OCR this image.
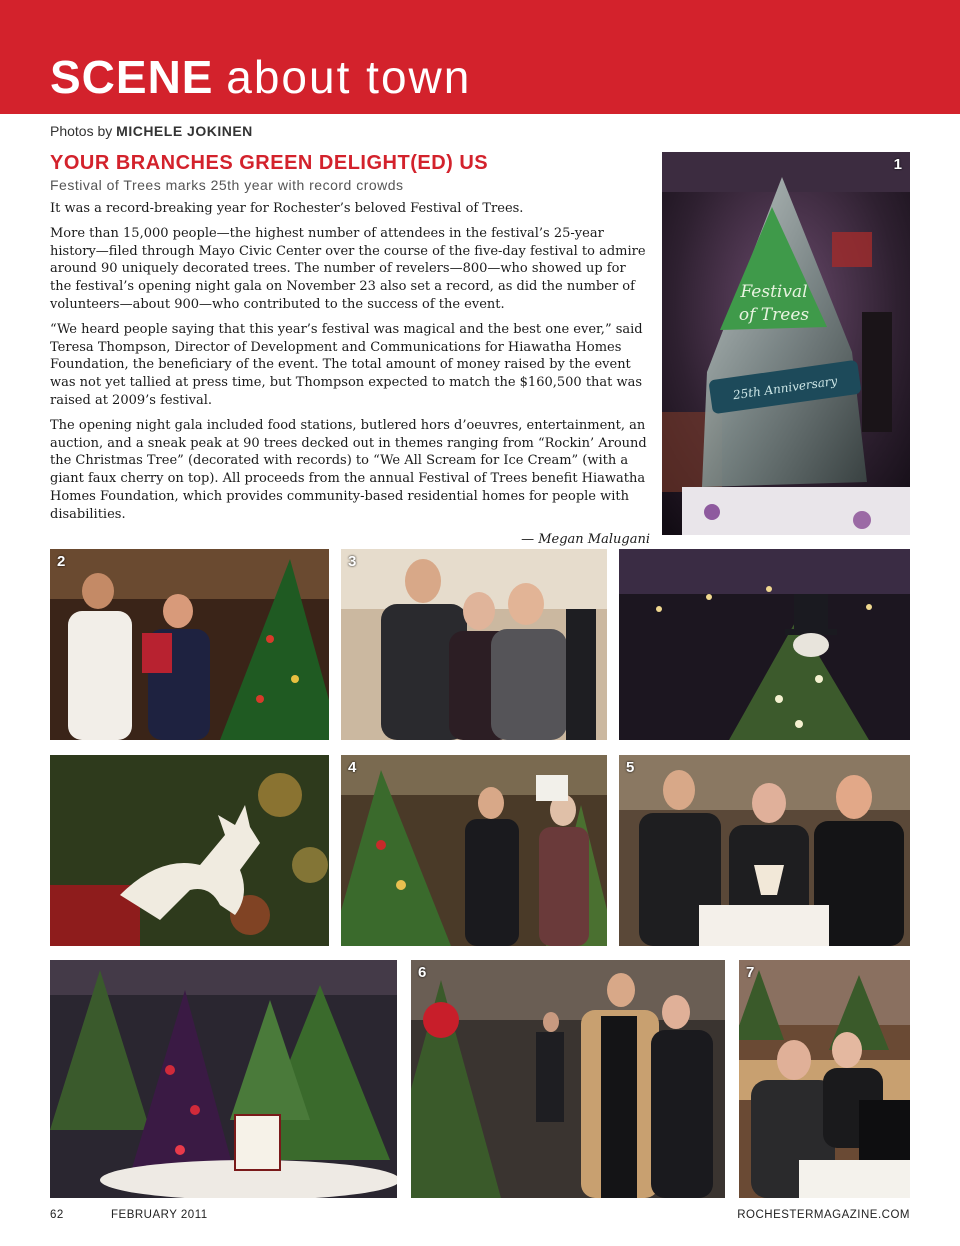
SCENE about town
Photos by MICHELE JOKINEN
YOUR BRANCHES GREEN DELIGHT(ED) US
Festival of Trees marks 25th year with record crowds

It was a record-breaking year for Rochester’s beloved Festival of Trees.

More than 15,000 people—the highest number of attendees in the festival’s 25-year history—filed through Mayo Civic Center over the course of the five-day festival to admire around 90 uniquely decorated trees. The number of revelers—800—who showed up for the festival’s opening night gala on November 23 also set a record, as did the number of volunteers—about 900—who contributed to the success of the event.

“We heard people saying that this year’s festival was magical and the best one ever,” said Teresa Thompson, Director of Development and Communications for Hiawatha Homes Foundation, the beneficiary of the event. The total amount of money raised by the event was not yet tallied at press time, but Thompson expected to match the $160,500 that was raised at 2009’s festival.

The opening night gala included food stations, butlered hors d’oeuvres, entertainment, an auction, and a sneak peak at 90 trees decked out in themes ranging from “Rockin’ Around the Christmas Tree” (decorated with records) to “We All Scream for Ice Cream” (with a giant faux cherry on top). All proceeds from the annual Festival of Trees benefit Hiawatha Homes Foundation, which provides community-based residential homes for people with disabilities.

— Megan Malugani
Festival
of Trees
25th Anniversary
1
2	3
4	5
6	7
62	FEBRUARY 2011	ROCHESTERMAGAZINE.COM
